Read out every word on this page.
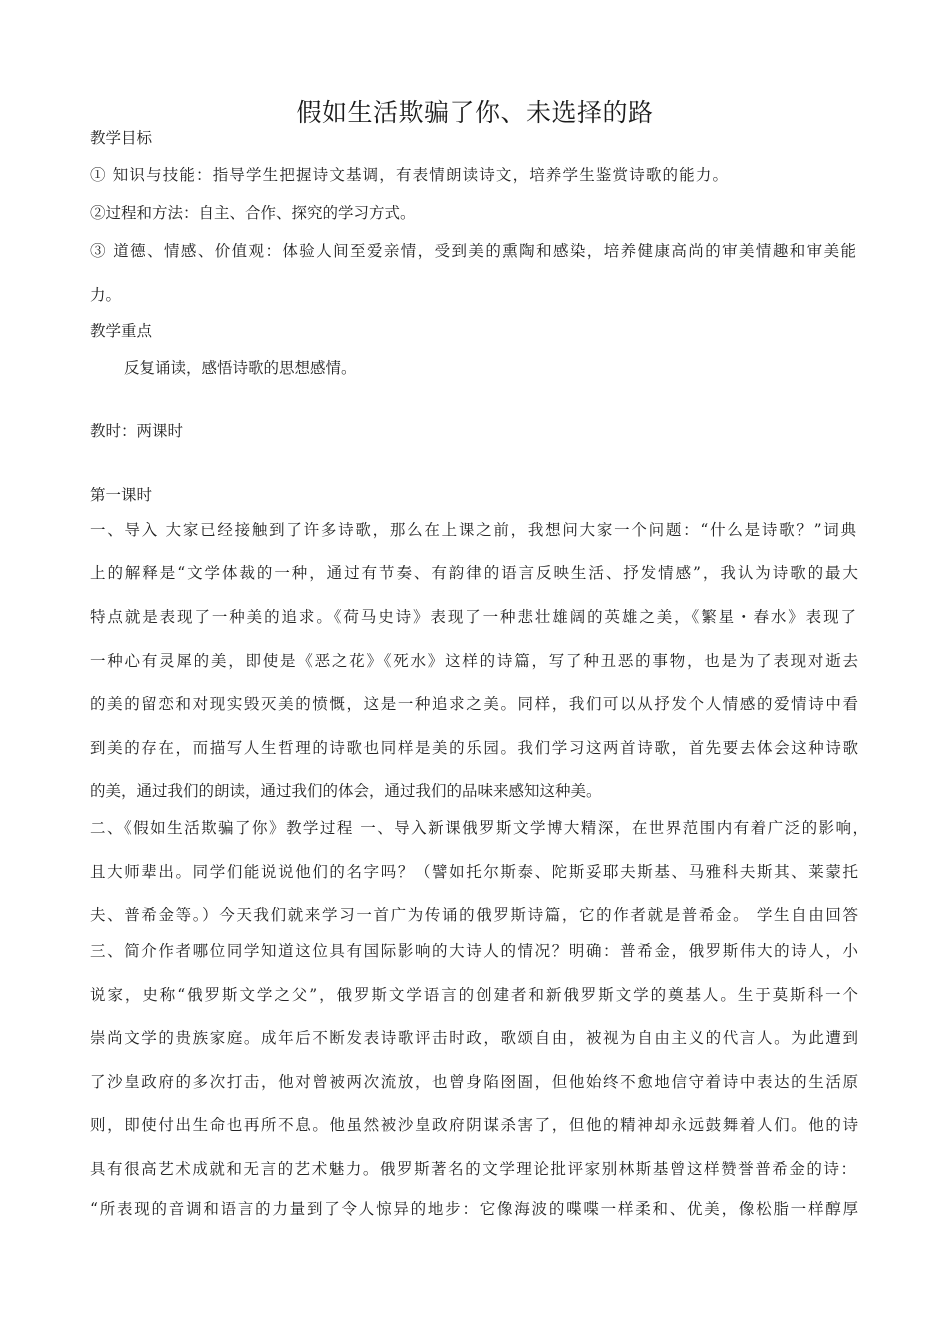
假如生活欺骗了你、未选择的路
教学目标
① 知识与技能：指导学生把握诗文基调，有表情朗读诗文，培养学生鉴赏诗歌的能力。
②过程和方法：自主、合作、探究的学习方式。
③ 道德、情感、价值观：体验人间至爱亲情，受到美的熏陶和感染，培养健康高尚的审美情趣和审美能
力。
教学重点
反复诵读，感悟诗歌的思想感情。
教时：两课时
第一课时
一、导入 大家已经接触到了许多诗歌，那么在上课之前，我想问大家一个问题：“什么是诗歌？”词典
上的解释是“文学体裁的一种，通过有节奏、有韵律的语言反映生活、抒发情感”，我认为诗歌的最大
特点就是表现了一种美的追求。《荷马史诗》表现了一种悲壮雄阔的英雄之美，《繁星・春水》表现了
一种心有灵犀的美，即使是《恶之花》《死水》这样的诗篇，写了种丑恶的事物，也是为了表现对逝去
的美的留恋和对现实毁灭美的愤慨，这是一种追求之美。同样，我们可以从抒发个人情感的爱情诗中看
到美的存在，而描写人生哲理的诗歌也同样是美的乐园。我们学习这两首诗歌，首先要去体会这种诗歌
的美，通过我们的朗读，通过我们的体会，通过我们的品味来感知这种美。
二、《假如生活欺骗了你》教学过程 一、导入新课俄罗斯文学博大精深，在世界范围内有着广泛的影响，
且大师辈出。同学们能说说他们的名字吗？（譬如托尔斯泰、陀斯妥耶夫斯基、马雅科夫斯其、莱蒙托
夫、普希金等。）今天我们就来学习一首广为传诵的俄罗斯诗篇，它的作者就是普希金。 学生自由回答
三、简介作者哪位同学知道这位具有国际影响的大诗人的情况？明确：普希金，俄罗斯伟大的诗人，小
说家，史称“俄罗斯文学之父”，俄罗斯文学语言的创建者和新俄罗斯文学的奠基人。生于莫斯科一个
崇尚文学的贵族家庭。成年后不断发表诗歌评击时政，歌颂自由，被视为自由主义的代言人。为此遭到
了沙皇政府的多次打击，他对曾被两次流放，也曾身陷囹圄，但他始终不愈地信守着诗中表达的生活原
则，即使付出生命也再所不息。他虽然被沙皇政府阴谋杀害了，但他的精神却永远鼓舞着人们。他的诗
具有很高艺术成就和无言的艺术魅力。俄罗斯著名的文学理论批评家别林斯基曾这样赞誉普希金的诗：
“所表现的音调和语言的力量到了令人惊异的地步：它像海波的喋喋一样柔和、优美，像松脂一样醇厚
